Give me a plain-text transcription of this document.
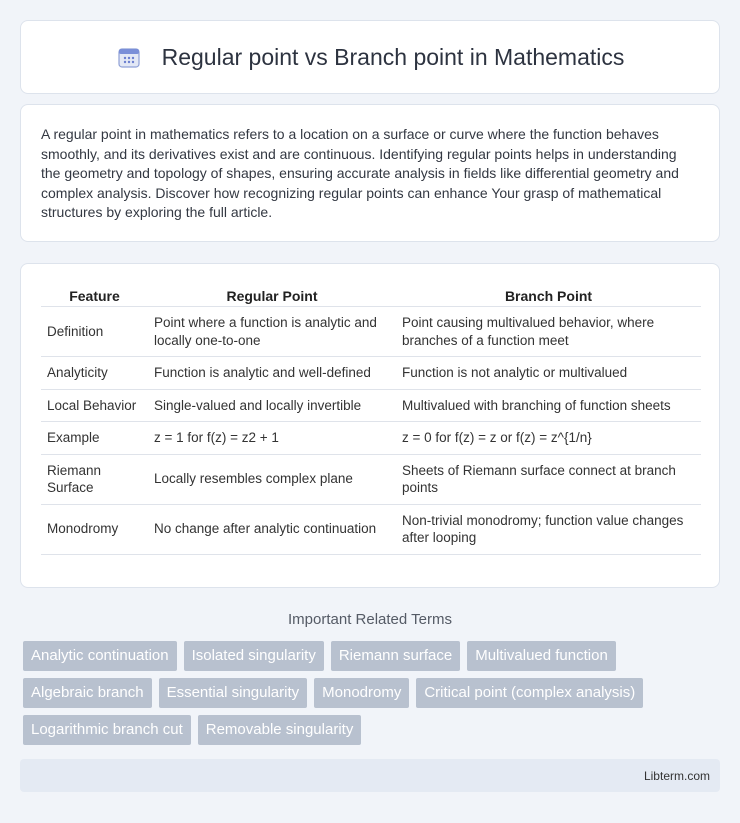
Regular point vs Branch point in Mathematics

A regular point in mathematics refers to a location on a surface or curve where the function behaves smoothly, and its derivatives exist and are continuous. Identifying regular points helps in understanding the geometry and topology of shapes, ensuring accurate analysis in fields like differential geometry and complex analysis. Discover how recognizing regular points can enhance Your grasp of mathematical structures by exploring the full article.

Feature	Regular Point	Branch Point
Definition	Point where a function is analytic and locally one-to-one	Point causing multivalued behavior, where branches of a function meet
Analyticity	Function is analytic and well-defined	Function is not analytic or multivalued
Local Behavior	Single-valued and locally invertible	Multivalued with branching of function sheets
Example	z = 1 for f(z) = z2 + 1	z = 0 for f(z) = z or f(z) = z^{1/n}
Riemann Surface	Locally resembles complex plane	Sheets of Riemann surface connect at branch points
Monodromy	No change after analytic continuation	Non-trivial monodromy; function value changes after looping
Important Related Terms
Analytic continuation	Isolated singularity	Riemann surface	Multivalued function
Algebraic branch	Essential singularity	Monodromy	Critical point (complex analysis)
Logarithmic branch cut	Removable singularity
Libterm.com
